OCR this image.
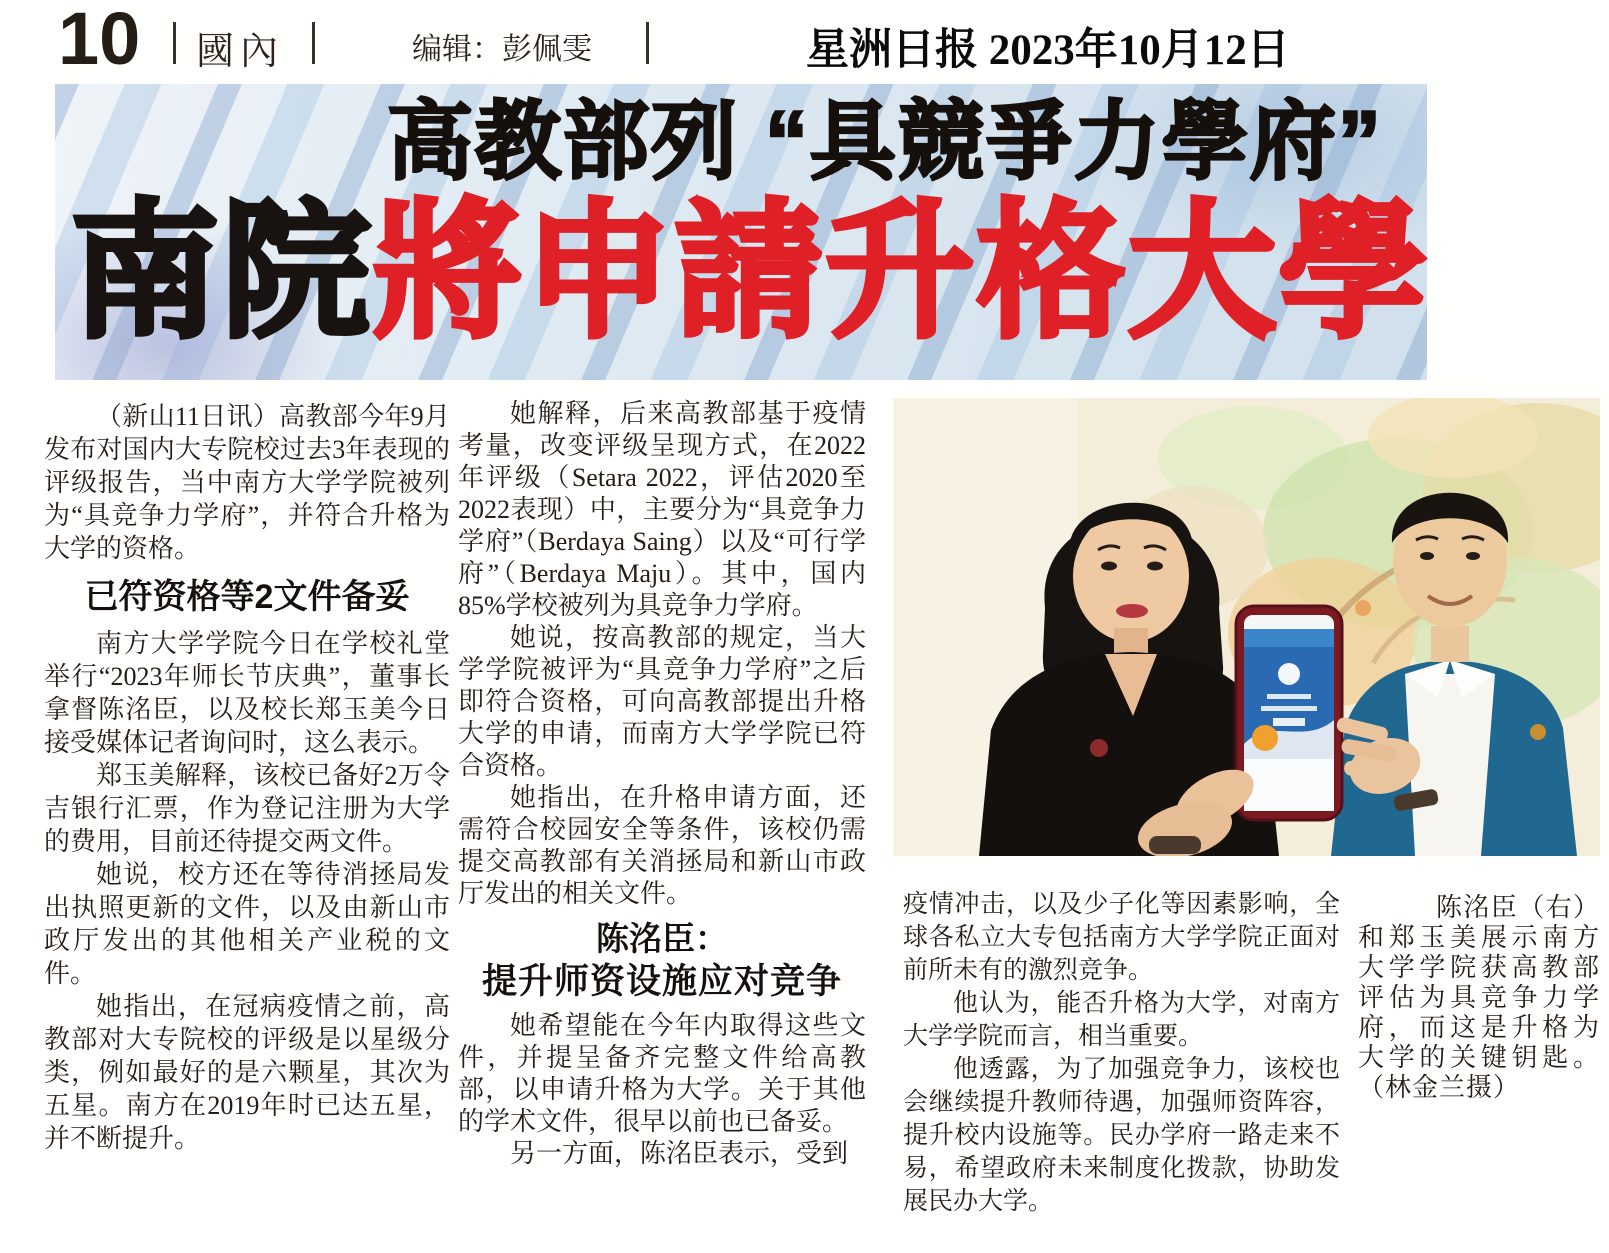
10 國內	编辑：彭佩雯	星洲日报 2023年10月12日
高教部列 “具競爭力學府”
南院將申請升格大學

（新山11日讯）高教部今年9月发布对国内大专院校过去3年表现的评级报告，当中南方大学学院被列为“具竞争力学府”，并符合升格为大学的资格。

已符资格等2文件备妥

南方大学学院今日在学校礼堂举行“2023年师长节庆典”，董事长拿督陈洺臣，以及校长郑玉美今日接受媒体记者询问时，这么表示。

郑玉美解释，该校已备好2万令吉银行汇票，作为登记注册为大学的费用，目前还待提交两文件。

她说，校方还在等待消拯局发出执照更新的文件，以及由新山市政厅发出的其他相关产业税的文件。

她指出，在冠病疫情之前，高教部对大专院校的评级是以星级分类，例如最好的是六颗星，其次为五星。南方在2019年时已达五星，并不断提升。

她解释，后来高教部基于疫情考量，改变评级呈现方式，在2022年评级（Setara 2022，评估2020至2022表现）中，主要分为“具竞争力学府”（Berdaya Saing）以及“可行学府”（Berdaya Maju）。其中，国内85%学校被列为具竞争力学府。

她说，按高教部的规定，当大学学院被评为“具竞争力学府”之后即符合资格，可向高教部提出升格大学的申请，而南方大学学院已符合资格。

她指出，在升格申请方面，还需符合校园安全等条件，该校仍需提交高教部有关消拯局和新山市政厅发出的相关文件。

陈洺臣：
提升师资设施应对竞争

她希望能在今年内取得这些文件，并提呈备齐完整文件给高教部，以申请升格为大学。关于其他的学术文件，很早以前也已备妥。

另一方面，陈洺臣表示，受到

疫情冲击，以及少子化等因素影响，全球各私立大专包括南方大学学院正面对前所未有的激烈竞争。

他认为，能否升格为大学，对南方大学学院而言，相当重要。

他透露，为了加强竞争力，该校也会继续提升教师待遇，加强师资阵容，提升校内设施等。民办学府一路走来不易，希望政府未来制度化拨款，协助发展民办大学。

陈洺臣（右）和郑玉美展示南方大学学院获高教部评估为具竞争力学府，而这是升格为大学的关键钥匙。（林金兰摄）
